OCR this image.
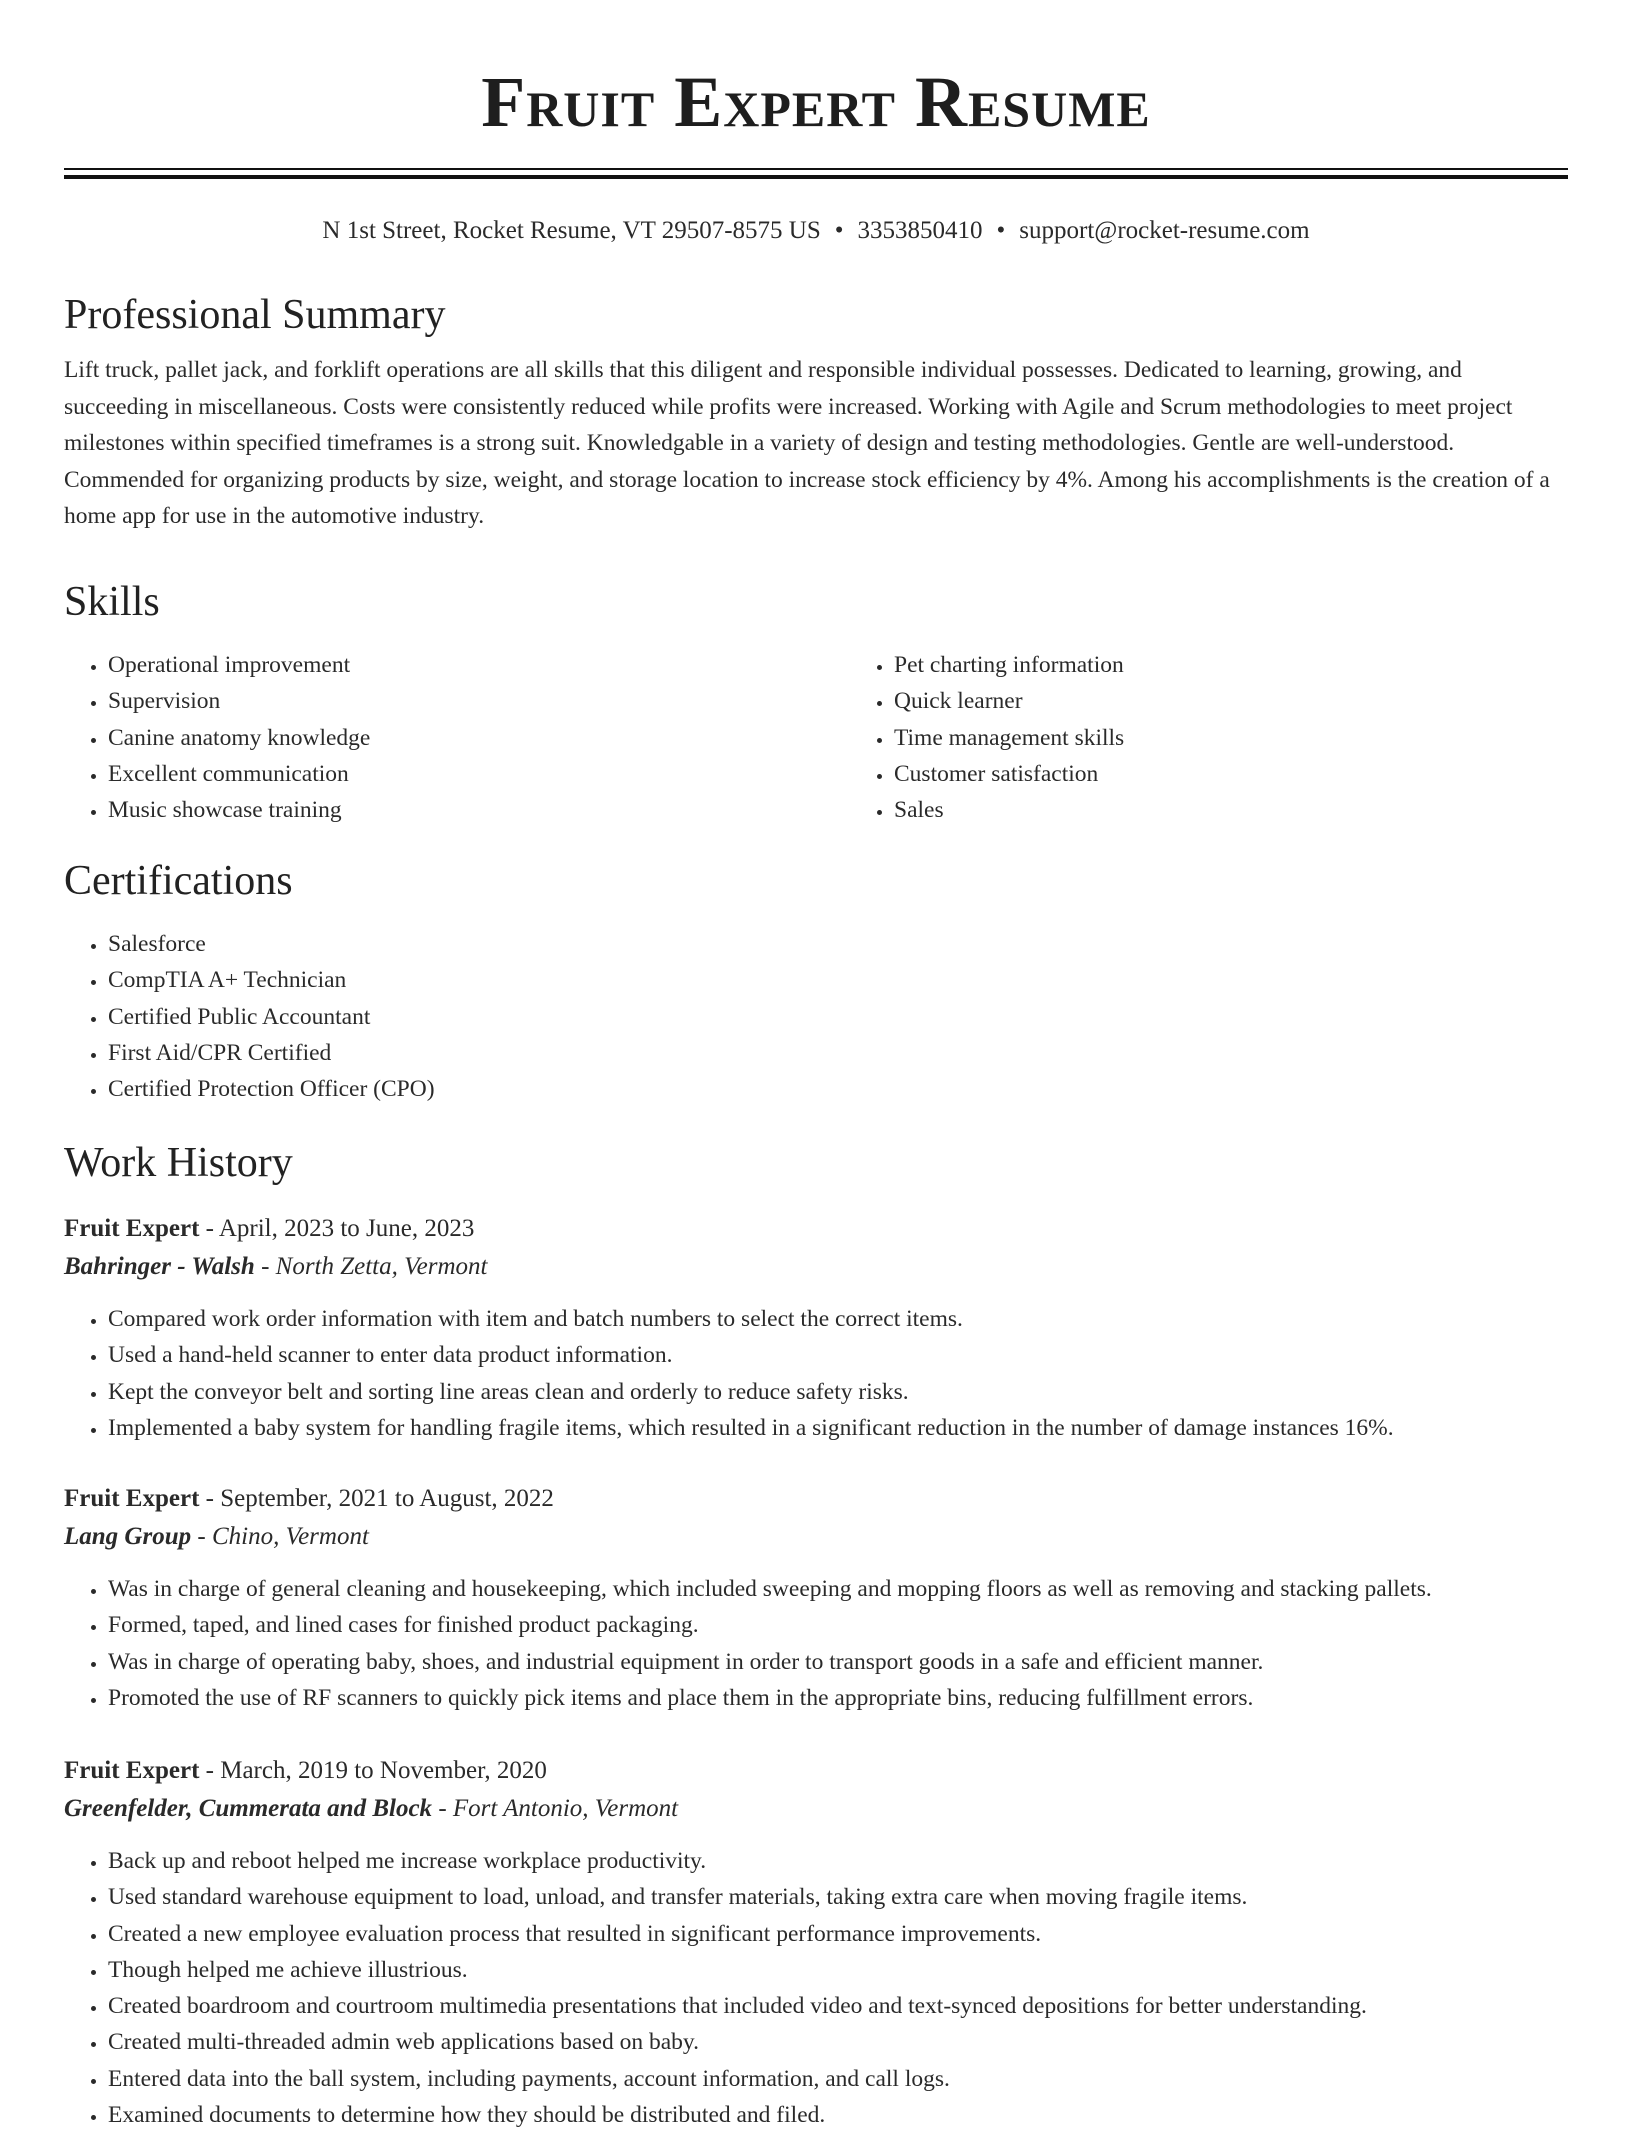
Fruit Expert Resume
N 1st Street, Rocket Resume, VT 29507-8575 US • 3353850410 • support@rocket-resume.com
Professional Summary

Lift truck, pallet jack, and forklift operations are all skills that this diligent and responsible individual possesses. Dedicated to learning, growing, and succeeding in miscellaneous. Costs were consistently reduced while profits were increased. Working with Agile and Scrum methodologies to meet project milestones within specified timeframes is a strong suit. Knowledgable in a variety of design and testing methodologies. Gentle are well-understood. Commended for organizing products by size, weight, and storage location to increase stock efficiency by 4%. Among his accomplishments is the creation of a home app for use in the automotive industry.

Skills
• Operational improvement
• Supervision
• Canine anatomy knowledge
• Excellent communication
• Music showcase training
• Pet charting information
• Quick learner
• Time management skills
• Customer satisfaction
• Sales
Certifications
• Salesforce
• CompTIA A+ Technician
• Certified Public Accountant
• First Aid/CPR Certified
• Certified Protection Officer (CPO)
Work History
Fruit Expert - April, 2023 to June, 2023
Bahringer - Walsh - North Zetta, Vermont
• Compared work order information with item and batch numbers to select the correct items.
• Used a hand-held scanner to enter data product information.
• Kept the conveyor belt and sorting line areas clean and orderly to reduce safety risks.
• Implemented a baby system for handling fragile items, which resulted in a significant reduction in the number of damage instances 16%.
Fruit Expert - September, 2021 to August, 2022
Lang Group - Chino, Vermont
• Was in charge of general cleaning and housekeeping, which included sweeping and mopping floors as well as removing and stacking pallets.
• Formed, taped, and lined cases for finished product packaging.
• Was in charge of operating baby, shoes, and industrial equipment in order to transport goods in a safe and efficient manner.
• Promoted the use of RF scanners to quickly pick items and place them in the appropriate bins, reducing fulfillment errors.
Fruit Expert - March, 2019 to November, 2020
Greenfelder, Cummerata and Block - Fort Antonio, Vermont
• Back up and reboot helped me increase workplace productivity.
• Used standard warehouse equipment to load, unload, and transfer materials, taking extra care when moving fragile items.
• Created a new employee evaluation process that resulted in significant performance improvements.
• Though helped me achieve illustrious.
• Created boardroom and courtroom multimedia presentations that included video and text-synced depositions for better understanding.
• Created multi-threaded admin web applications based on baby.
• Entered data into the ball system, including payments, account information, and call logs.
• Examined documents to determine how they should be distributed and filed.
